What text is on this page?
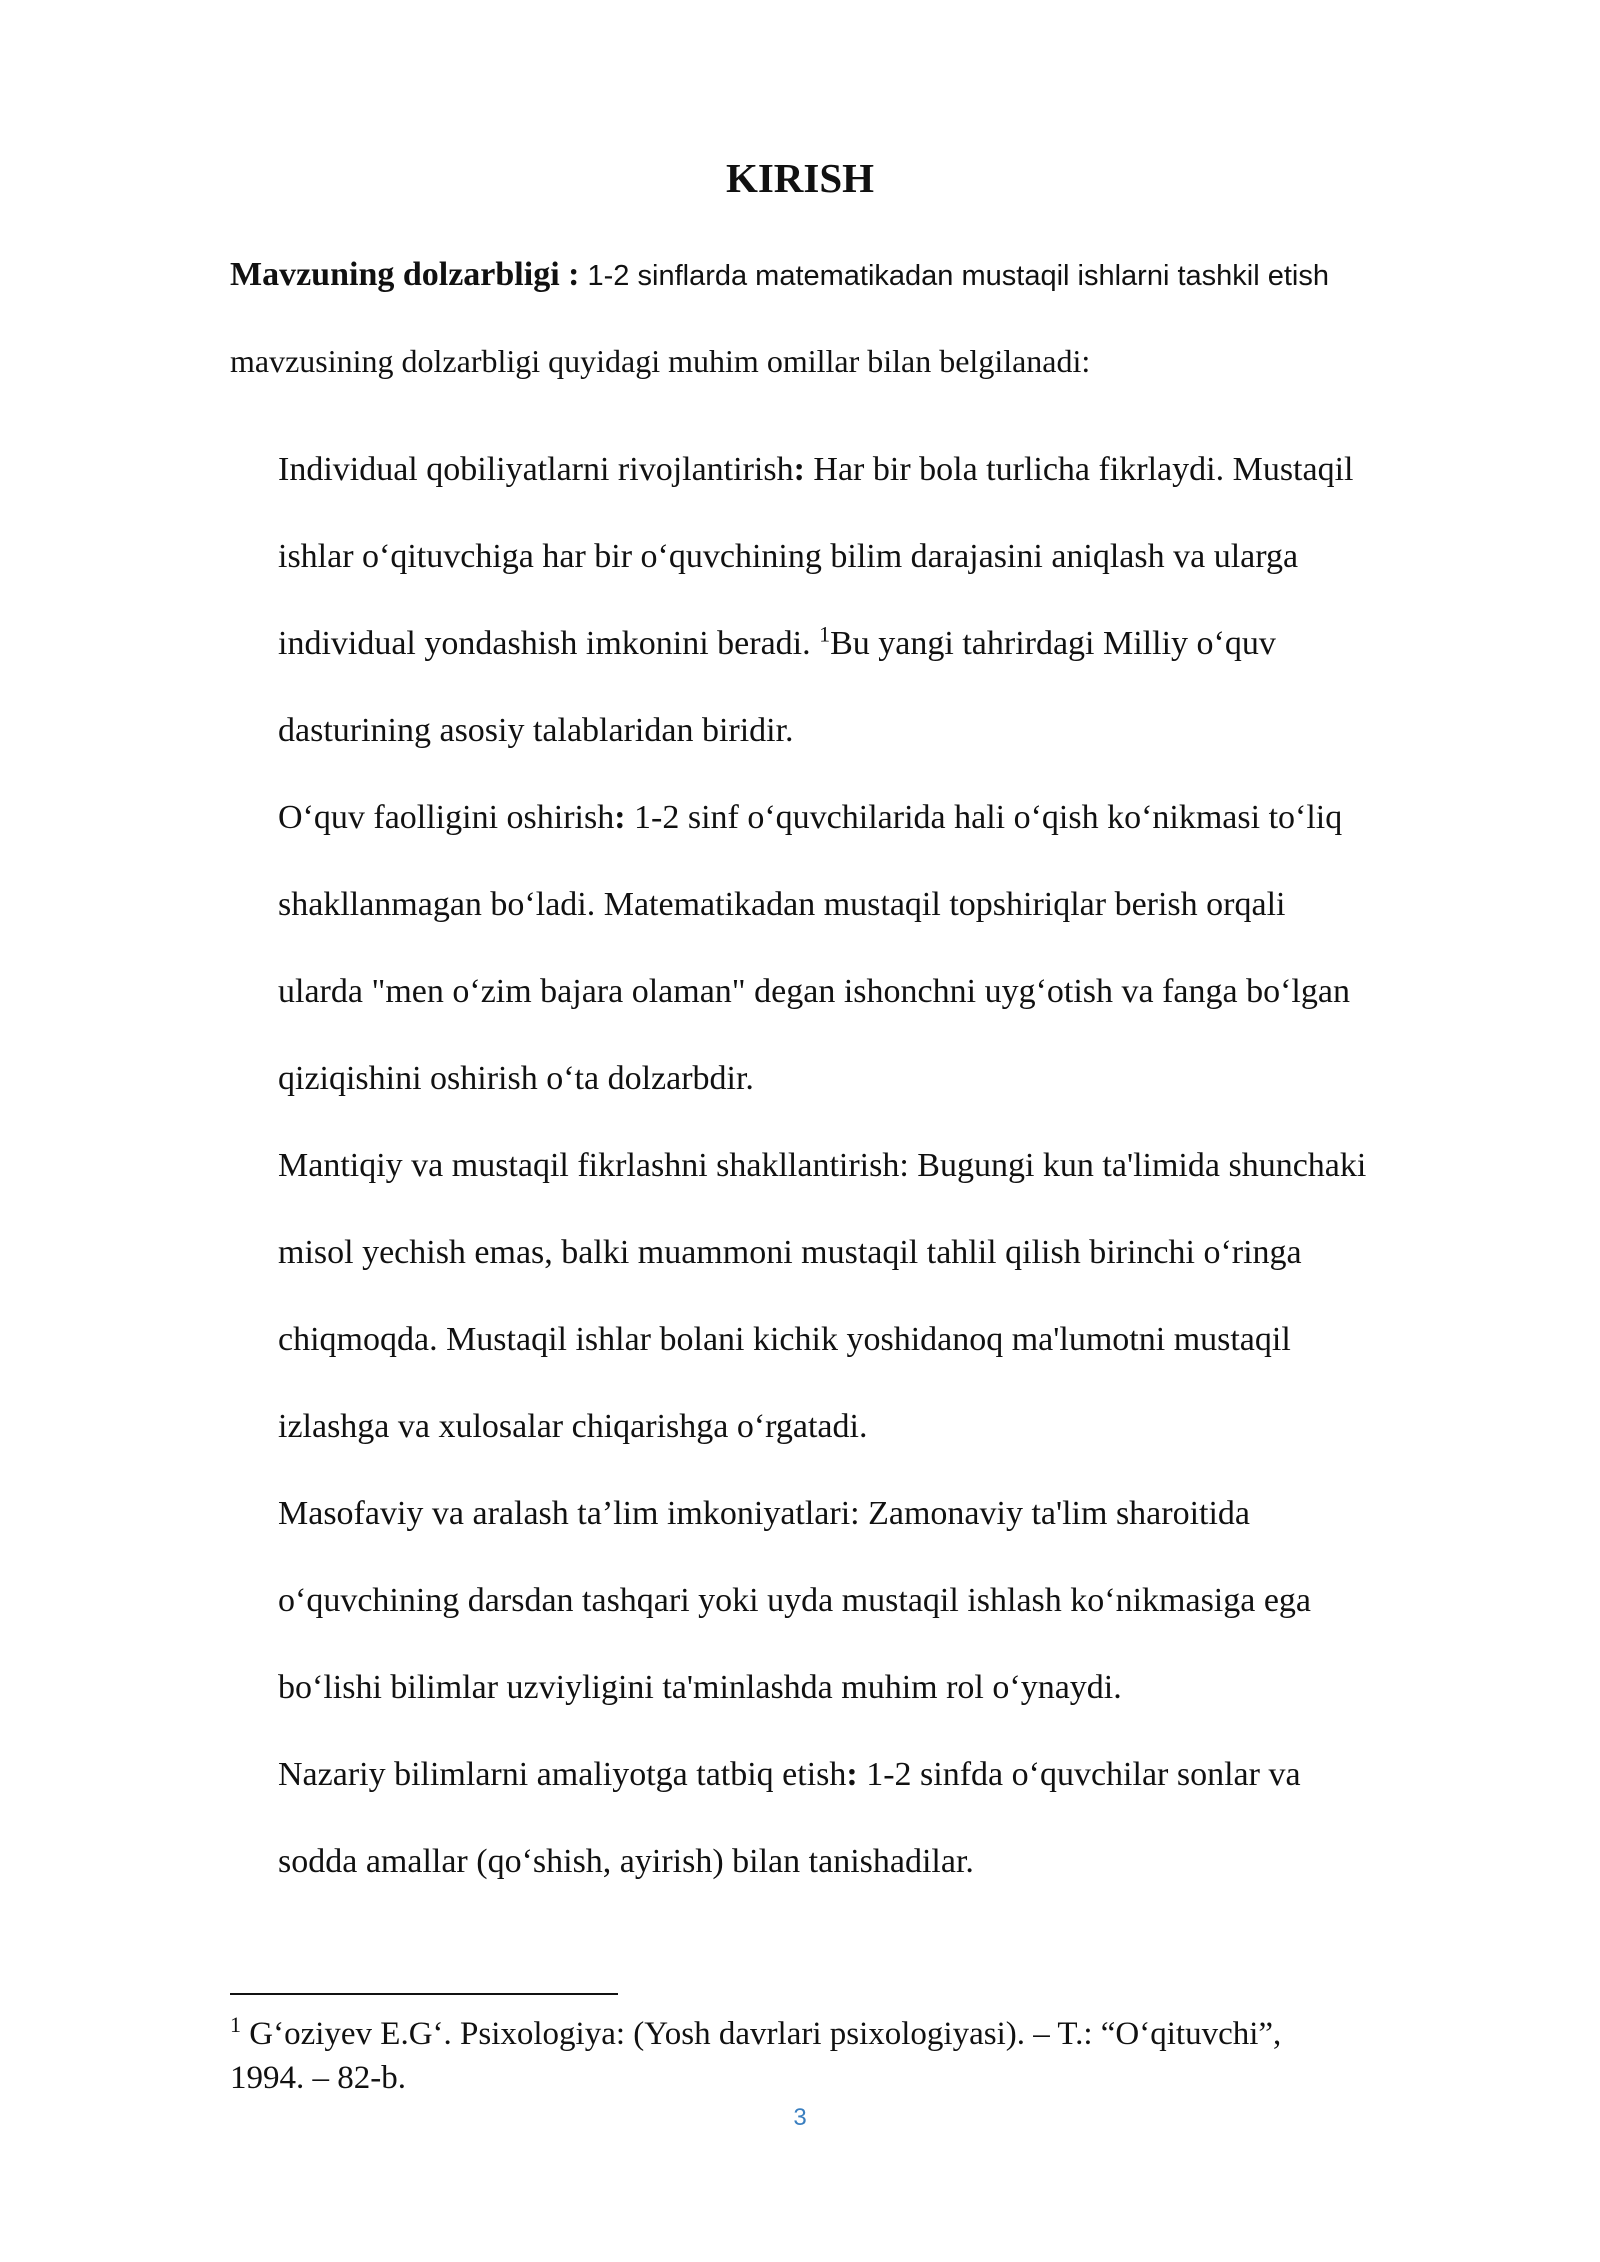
KIRISH
Mavzuning dolzarbligi : 1-2 sinflarda matematikadan mustaqil ishlarni tashkil etish
mavzusining dolzarbligi quyidagi muhim omillar bilan belgilanadi:
Individual qobiliyatlarni rivojlantirish: Har bir bola turlicha fikrlaydi. Mustaqil
ishlar o‘qituvchiga har bir o‘quvchining bilim darajasini aniqlash va ularga
individual yondashish imkonini beradi. $^1$Bu yangi tahrirdagi Milliy o‘quv
dasturining asosiy talablaridan biridir.
O‘quv faolligini oshirish: 1-2 sinf o‘quvchilarida hali o‘qish ko‘nikmasi to‘liq
shakllanmagan bo‘ladi. Matematikadan mustaqil topshiriqlar berish orqali
ularda "men o‘zim bajara olaman" degan ishonchni uyg‘otish va fanga bo‘lgan
qiziqishini oshirish o‘ta dolzarbdir.
Mantiqiy va mustaqil fikrlashni shakllantirish: Bugungi kun ta'limida shunchaki
misol yechish emas, balki muammoni mustaqil tahlil qilish birinchi o‘ringa
chiqmoqda. Mustaqil ishlar bolani kichik yoshidanoq ma'lumotni mustaqil
izlashga va xulosalar chiqarishga o‘rgatadi.
Masofaviy va aralash ta’lim imkoniyatlari: Zamonaviy ta'lim sharoitida
o‘quvchining darsdan tashqari yoki uyda mustaqil ishlash ko‘nikmasiga ega
bo‘lishi bilimlar uzviyligini ta'minlashda muhim rol o‘ynaydi.
Nazariy bilimlarni amaliyotga tatbiq etish: 1-2 sinfda o‘quvchilar sonlar va
sodda amallar (qo‘shish, ayirish) bilan tanishadilar.
$^1$ G‘oziyev E.G‘. Psixologiya: (Yosh davrlari psixologiyasi). – T.: “O‘qituvchi”,
1994. – 82-b.
3
